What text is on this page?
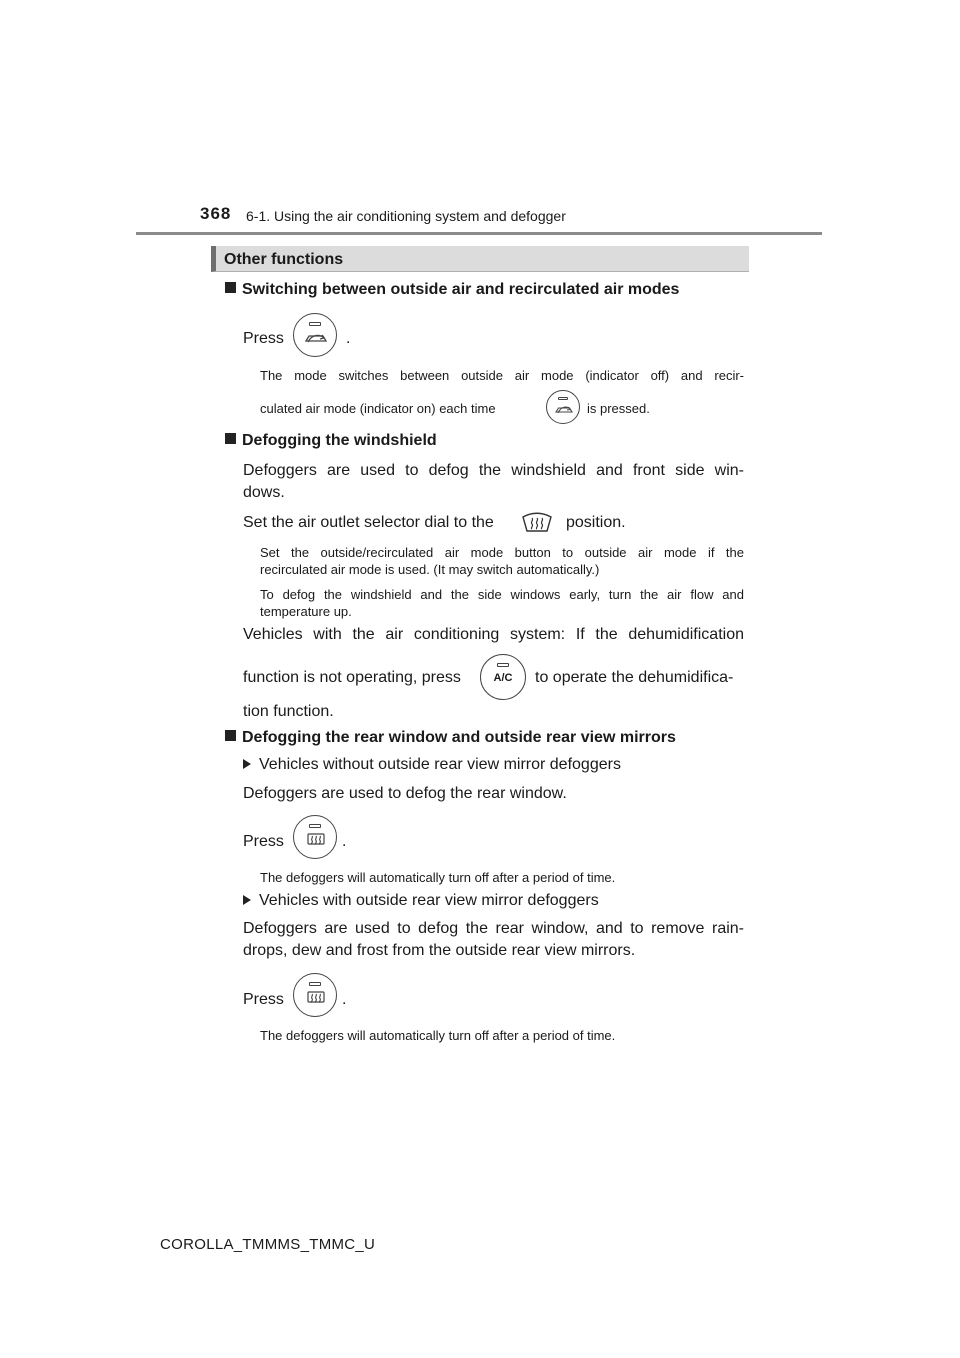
368 6-1. Using the air conditioning system and defogger
Other functions
Switching between outside air and recirculated air modes
Press	.
The mode switches between outside air mode (indicator off) and recir-
culated air mode (indicator on) each time	is pressed.
Defogging the windshield
Defoggers are used to defog the windshield and front side win-
dows.
Set the air outlet selector dial to the	position.
Set the outside/recirculated air mode button to outside air mode if the
recirculated air mode is used. (It may switch automatically.)
To defog the windshield and the side windows early, turn the air flow and
temperature up.
Vehicles with the air conditioning system: If the dehumidification
function is not operating, press	A/C	to operate the dehumidifica-
tion function.
Defogging the rear window and outside rear view mirrors
Vehicles without outside rear view mirror defoggers
Defoggers are used to defog the rear window.
Press	.
The defoggers will automatically turn off after a period of time.
Vehicles with outside rear view mirror defoggers
Defoggers are used to defog the rear window, and to remove rain-
drops, dew and frost from the outside rear view mirrors.
Press	.
The defoggers will automatically turn off after a period of time.
COROLLA_TMMMS_TMMC_U
